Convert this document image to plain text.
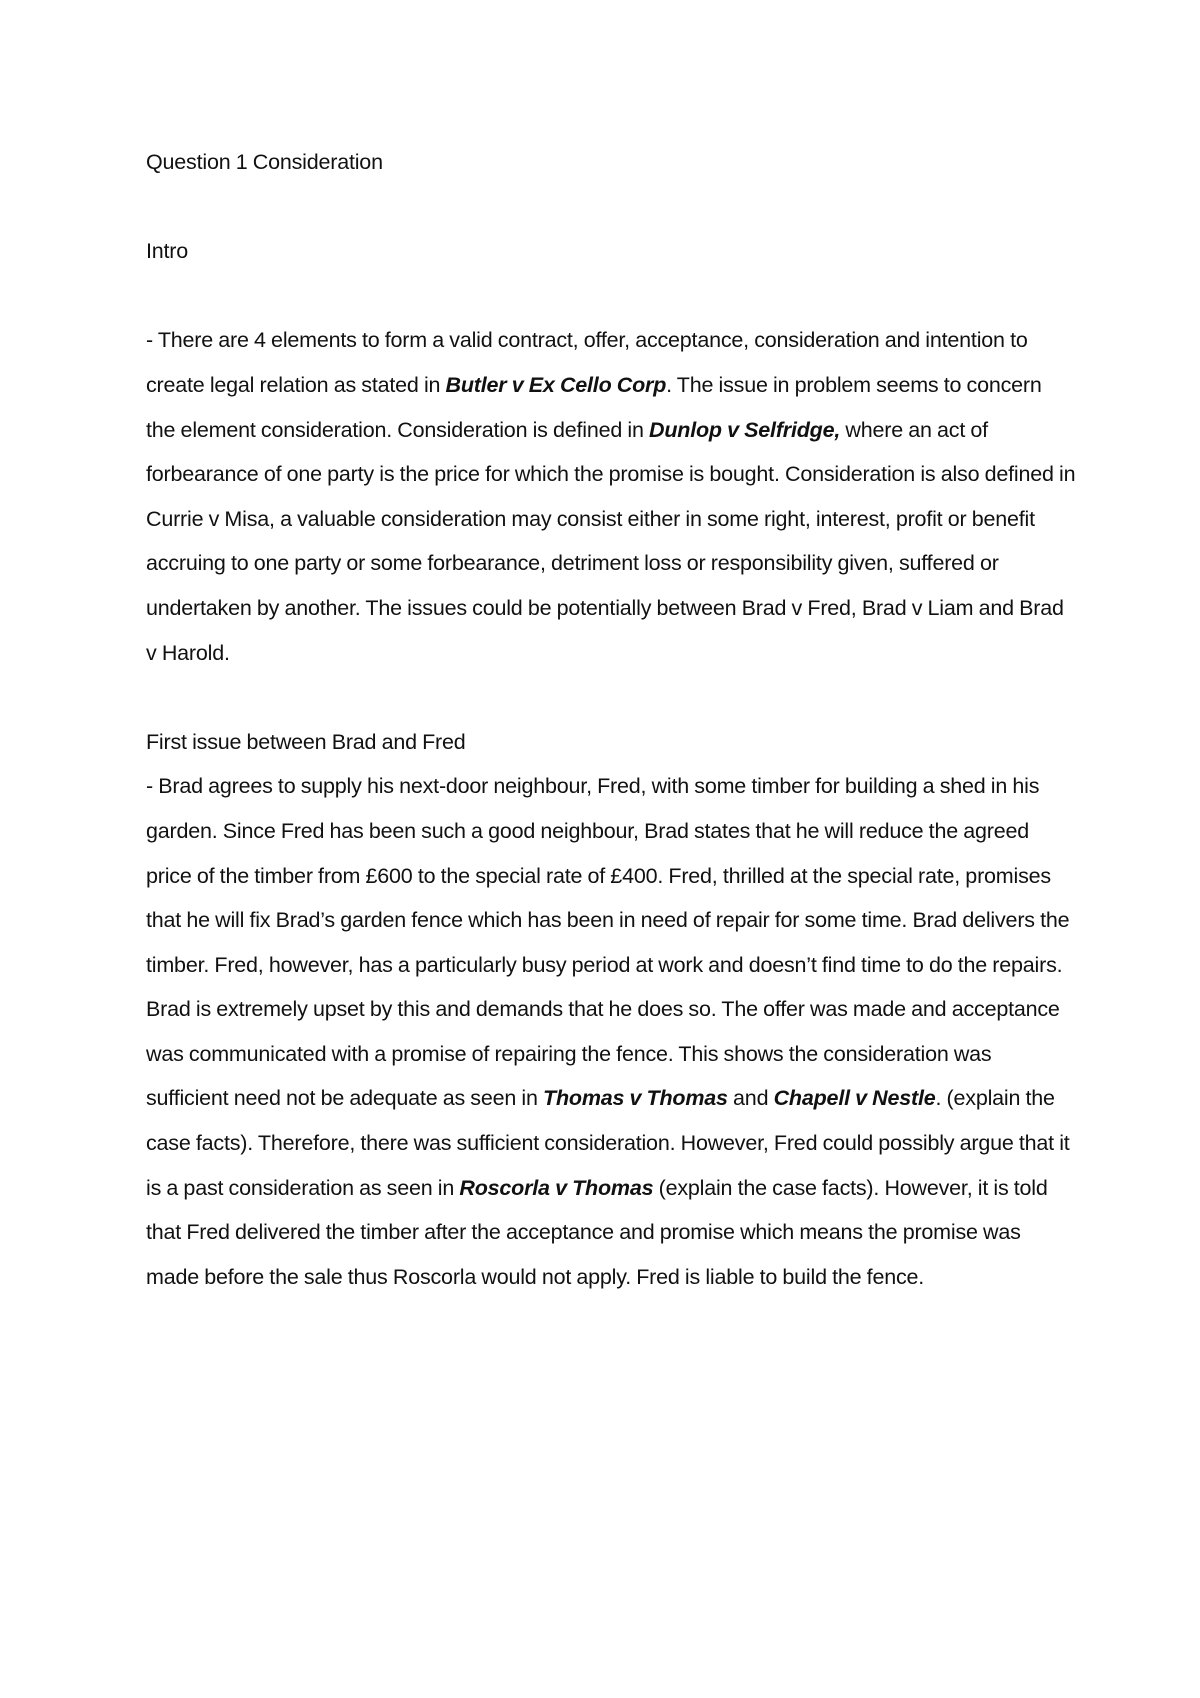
Question 1 Consideration

Intro

- There are 4 elements to form a valid contract, offer, acceptance, consideration and intention to create legal relation as stated in Butler v Ex Cello Corp. The issue in problem seems to concern the element consideration. Consideration is defined in Dunlop v Selfridge, where an act of forbearance of one party is the price for which the promise is bought. Consideration is also defined in Currie v Misa, a valuable consideration may consist either in some right, interest, profit or benefit accruing to one party or some forbearance, detriment loss or responsibility given, suffered or undertaken by another. The issues could be potentially between Brad v Fred, Brad v Liam and Brad v Harold.

First issue between Brad and Fred

- Brad agrees to supply his next-door neighbour, Fred, with some timber for building a shed in his garden. Since Fred has been such a good neighbour, Brad states that he will reduce the agreed price of the timber from £600 to the special rate of £400. Fred, thrilled at the special rate, promises that he will fix Brad’s garden fence which has been in need of repair for some time. Brad delivers the timber. Fred, however, has a particularly busy period at work and doesn’t find time to do the repairs. Brad is extremely upset by this and demands that he does so. The offer was made and acceptance was communicated with a promise of repairing the fence. This shows the consideration was sufficient need not be adequate as seen in Thomas v Thomas and Chapell v Nestle. (explain the case facts). Therefore, there was sufficient consideration. However, Fred could possibly argue that it is a past consideration as seen in Roscorla v Thomas (explain the case facts). However, it is told that Fred delivered the timber after the acceptance and promise which means the promise was made before the sale thus Roscorla would not apply. Fred is liable to build the fence.
